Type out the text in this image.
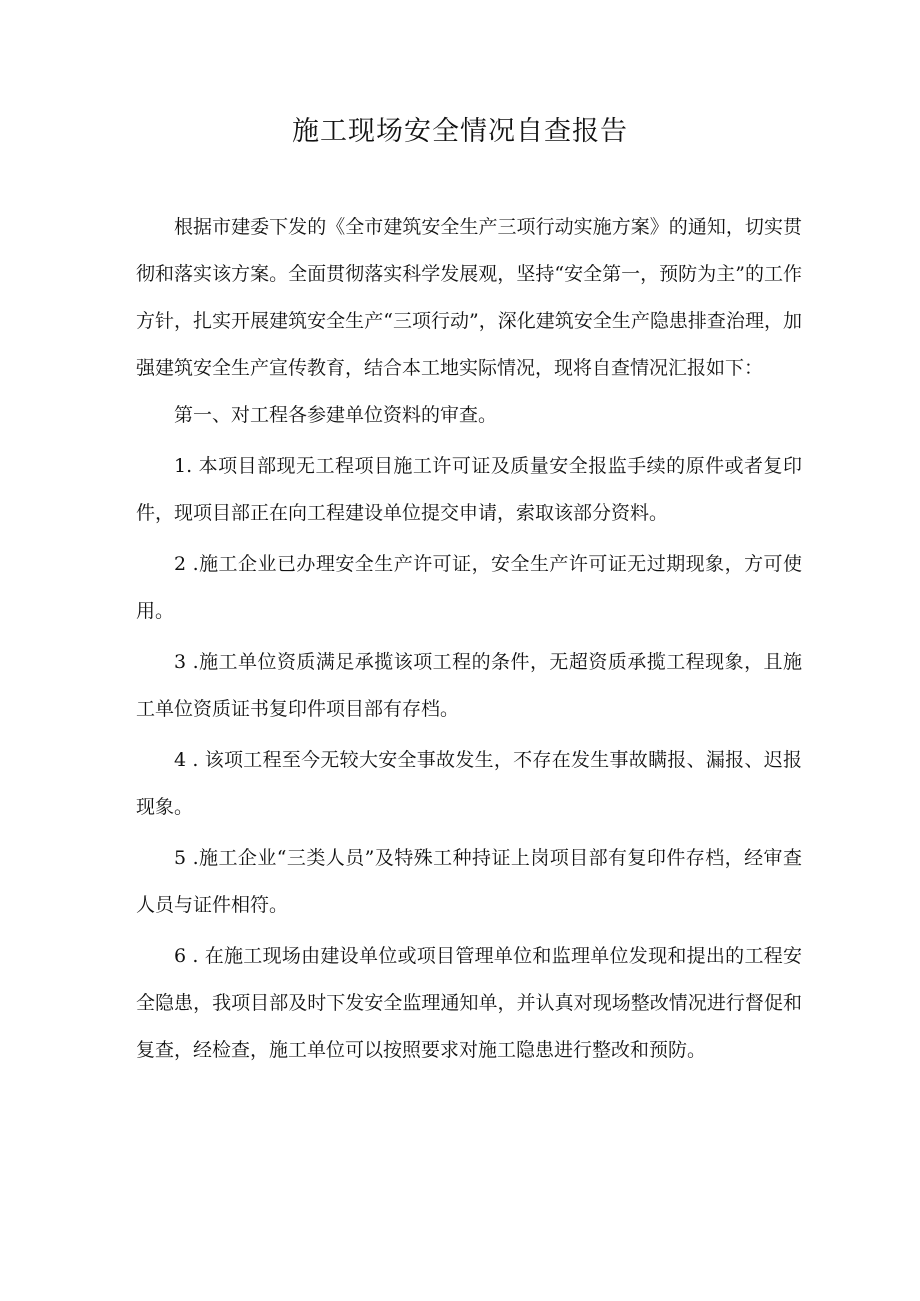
施工现场安全情况自查报告

根据市建委下发的《全市建筑安全生产三项行动实施方案》的通知，切实贯彻和落实该方案。全面贯彻落实科学发展观，坚持“安全第一，预防为主”的工作方针，扎实开展建筑安全生产“三项行动”，深化建筑安全生产隐患排查治理，加强建筑安全生产宣传教育，结合本工地实际情况，现将自查情况汇报如下：

第一、对工程各参建单位资料的审查。

1. 本项目部现无工程项目施工许可证及质量安全报监手续的原件或者复印件，现项目部正在向工程建设单位提交申请，索取该部分资料。

2 .施工企业已办理安全生产许可证，安全生产许可证无过期现象，方可使用。

3 .施工单位资质满足承揽该项工程的条件，无超资质承揽工程现象，且施工单位资质证书复印件项目部有存档。

4 . 该项工程至今无较大安全事故发生，不存在发生事故瞒报、漏报、迟报现象。

5 .施工企业“三类人员”及特殊工种持证上岗项目部有复印件存档，经审查人员与证件相符。

6 . 在施工现场由建设单位或项目管理单位和监理单位发现和提出的工程安全隐患，我项目部及时下发安全监理通知单，并认真对现场整改情况进行督促和复查，经检查，施工单位可以按照要求对施工隐患进行整改和预防。
